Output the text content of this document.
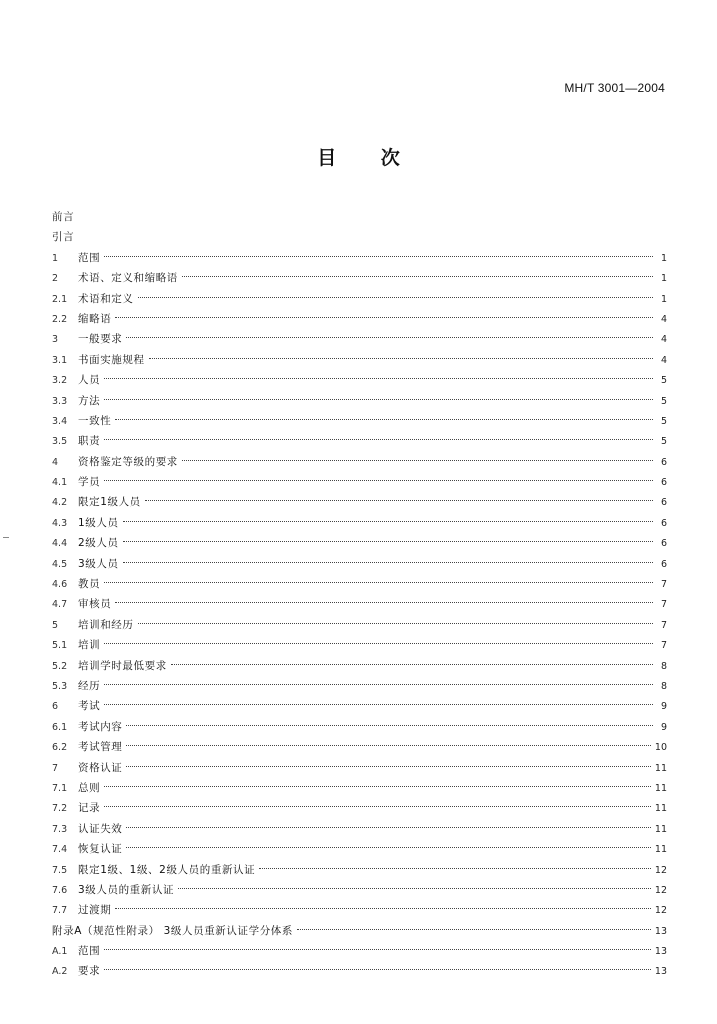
MH/T 3001—2004
目 次
前言
引言
1	范围	1
2	术语、定义和缩略语	1
2.1	术语和定义	1
2.2	缩略语	4
3	一般要求	4
3.1	书面实施规程	4
3.2	人员	5
3.3	方法	5
3.4	一致性	5
3.5	职责	5
4	资格鉴定等级的要求	6
4.1	学员	6
4.2	限定1级人员	6
4.3	1级人员	6
4.4	2级人员	6
4.5	3级人员	6
4.6	教员	7
4.7	审核员	7
5	培训和经历	7
5.1	培训	7
5.2	培训学时最低要求	8
5.3	经历	8
6	考试	9
6.1	考试内容	9
6.2	考试管理	10
7	资格认证	11
7.1	总则	11
7.2	记录	11
7.3	认证失效	11
7.4	恢复认证	11
7.5	限定1级、1级、2级人员的重新认证	12
7.6	3级人员的重新认证	12
7.7	过渡期	12
附录A（规范性附录） 3级人员重新认证学分体系	13
A.1	范围	13
A.2	要求	13
